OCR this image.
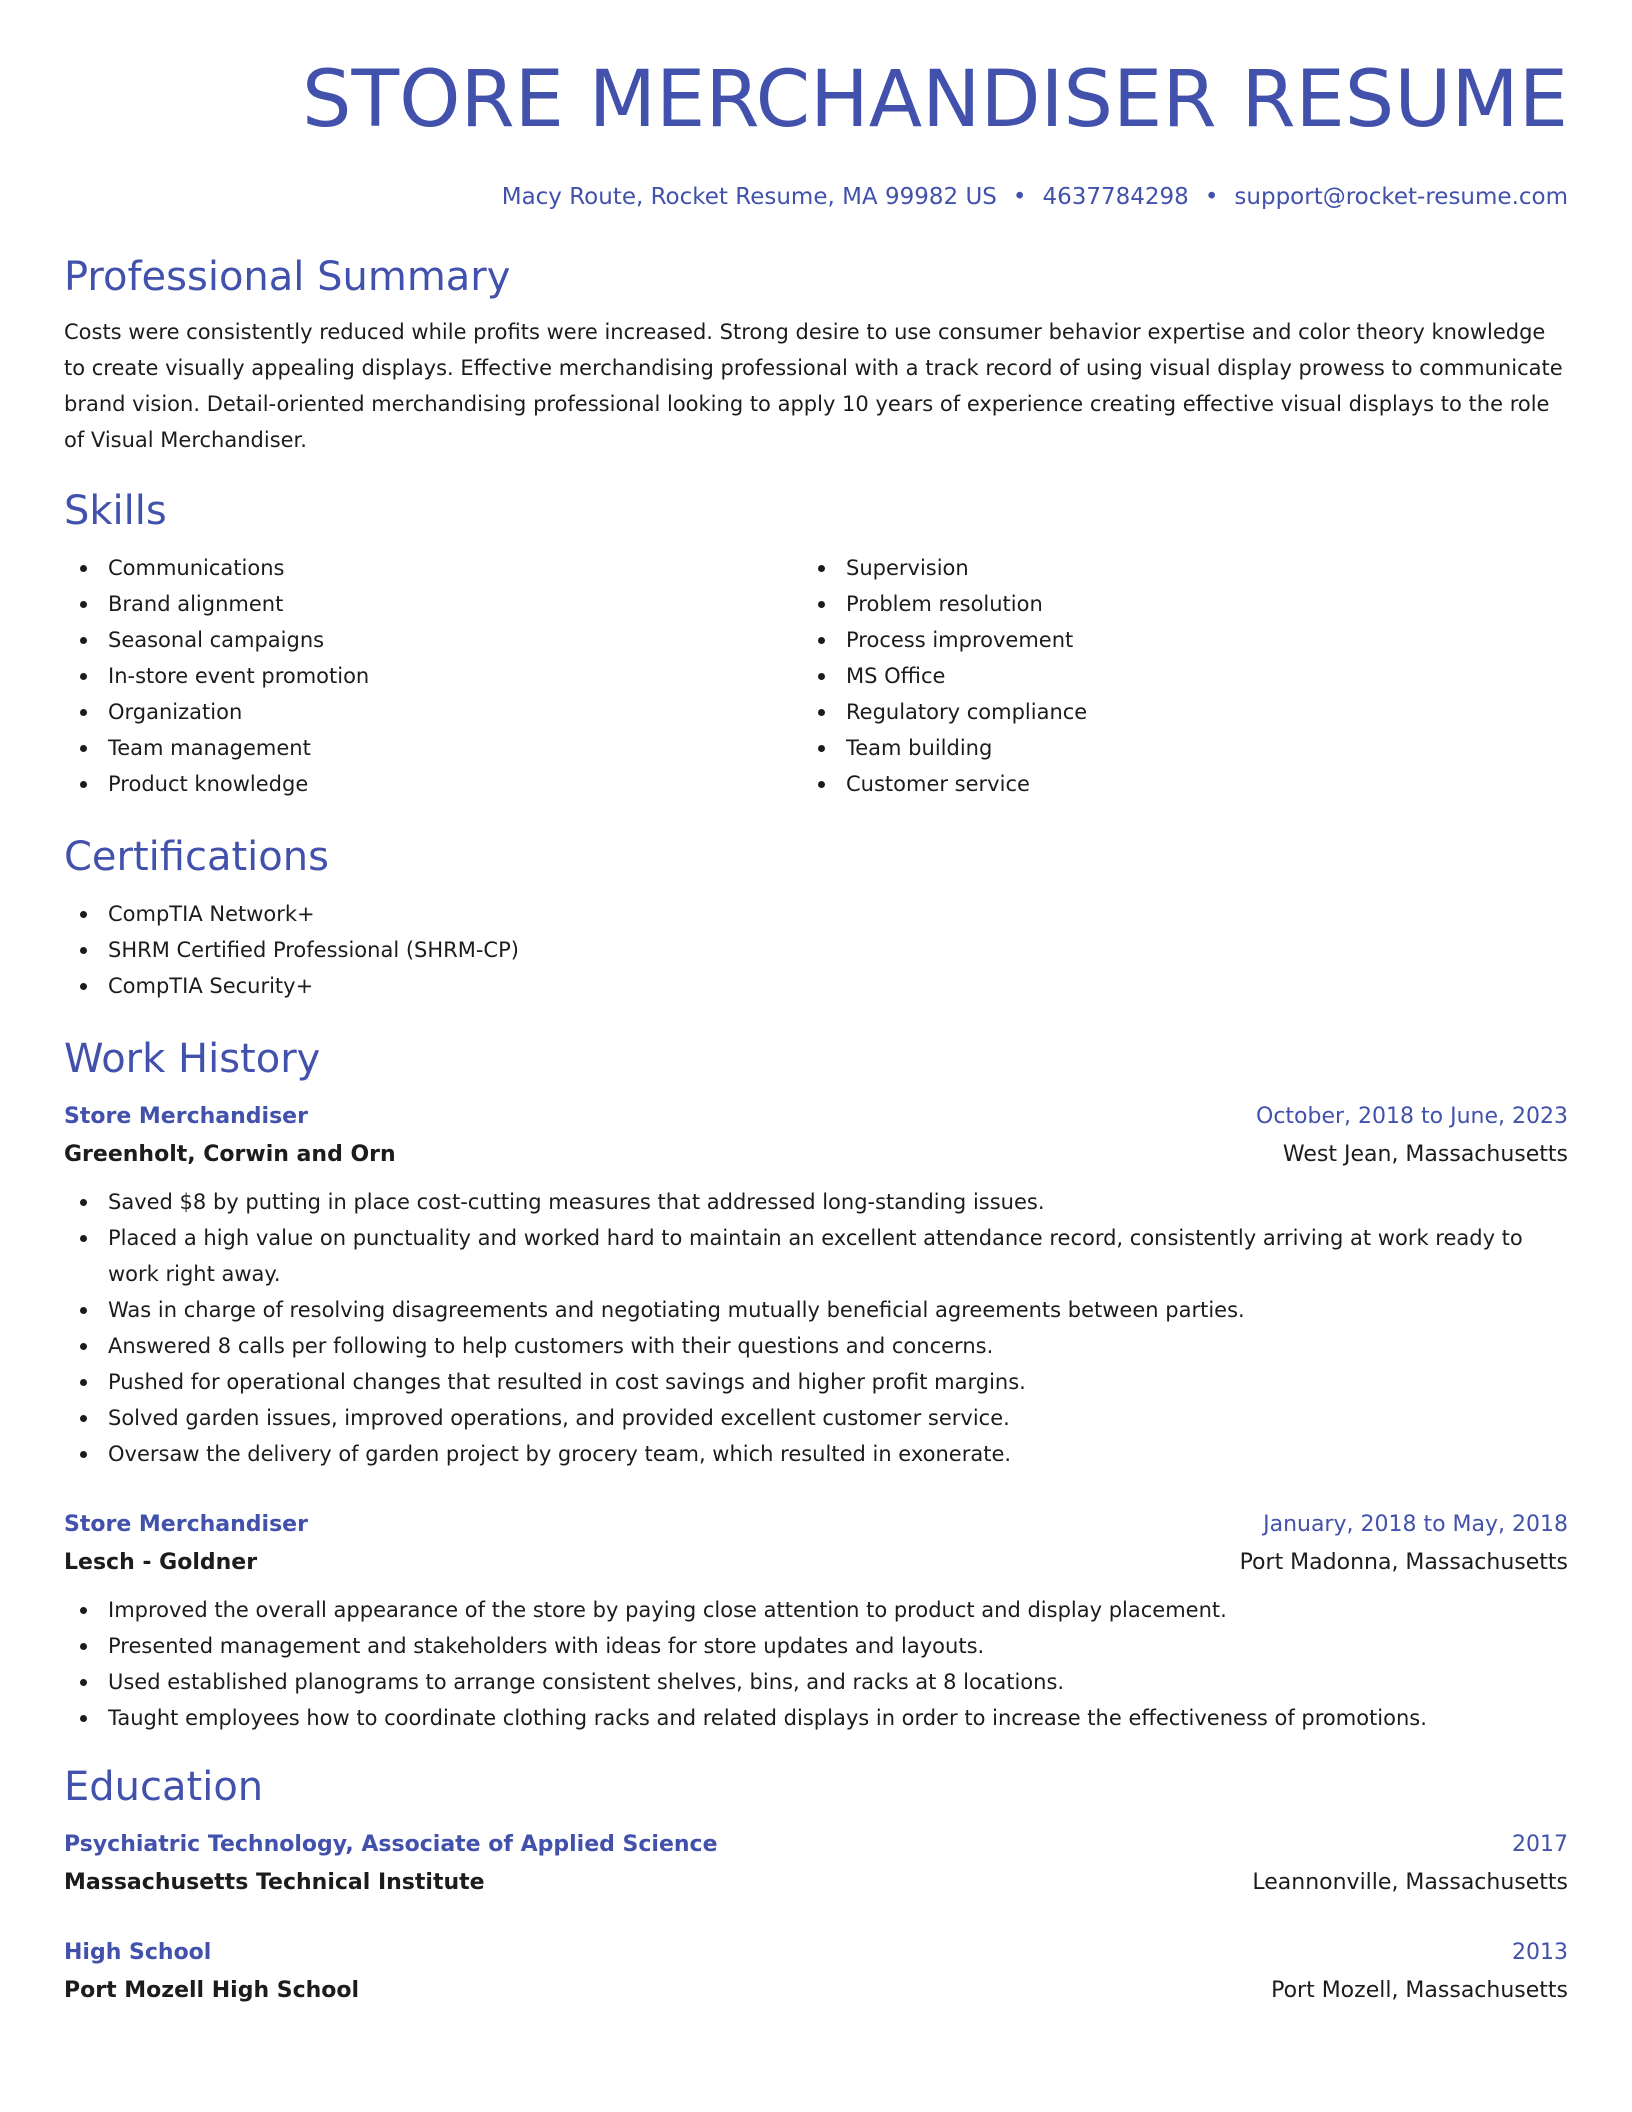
STORE MERCHANDISER RESUME
Macy Route, Rocket Resume, MA 99982 US • 4637784298 • support@rocket-resume.com
Professional Summary

Costs were consistently reduced while profits were increased. Strong desire to use consumer behavior expertise and color theory knowledge to create visually appealing displays. Effective merchandising professional with a track record of using visual display prowess to communicate brand vision. Detail-oriented merchandising professional looking to apply 10 years of experience creating effective visual displays to the role of Visual Merchandiser.

Skills
Communications
Brand alignment
Seasonal campaigns
In-store event promotion
Organization
Team management
Product knowledge
Supervision
Problem resolution
Process improvement
MS Office
Regulatory compliance
Team building
Customer service
Certifications
CompTIA Network+
SHRM Certified Professional (SHRM-CP)
CompTIA Security+
Work History
Store Merchandiser	October, 2018 to June, 2023
Greenholt, Corwin and Orn	West Jean, Massachusetts
Saved $8 by putting in place cost-cutting measures that addressed long-standing issues.
Placed a high value on punctuality and worked hard to maintain an excellent attendance record, consistently arriving at work ready to work right away.
Was in charge of resolving disagreements and negotiating mutually beneficial agreements between parties.
Answered 8 calls per following to help customers with their questions and concerns.
Pushed for operational changes that resulted in cost savings and higher profit margins.
Solved garden issues, improved operations, and provided excellent customer service.
Oversaw the delivery of garden project by grocery team, which resulted in exonerate.
Store Merchandiser	January, 2018 to May, 2018
Lesch - Goldner	Port Madonna, Massachusetts
Improved the overall appearance of the store by paying close attention to product and display placement.
Presented management and stakeholders with ideas for store updates and layouts.
Used established planograms to arrange consistent shelves, bins, and racks at 8 locations.
Taught employees how to coordinate clothing racks and related displays in order to increase the effectiveness of promotions.
Education
Psychiatric Technology, Associate of Applied Science	2017
Massachusetts Technical Institute	Leannonville, Massachusetts
High School	2013
Port Mozell High School	Port Mozell, Massachusetts
